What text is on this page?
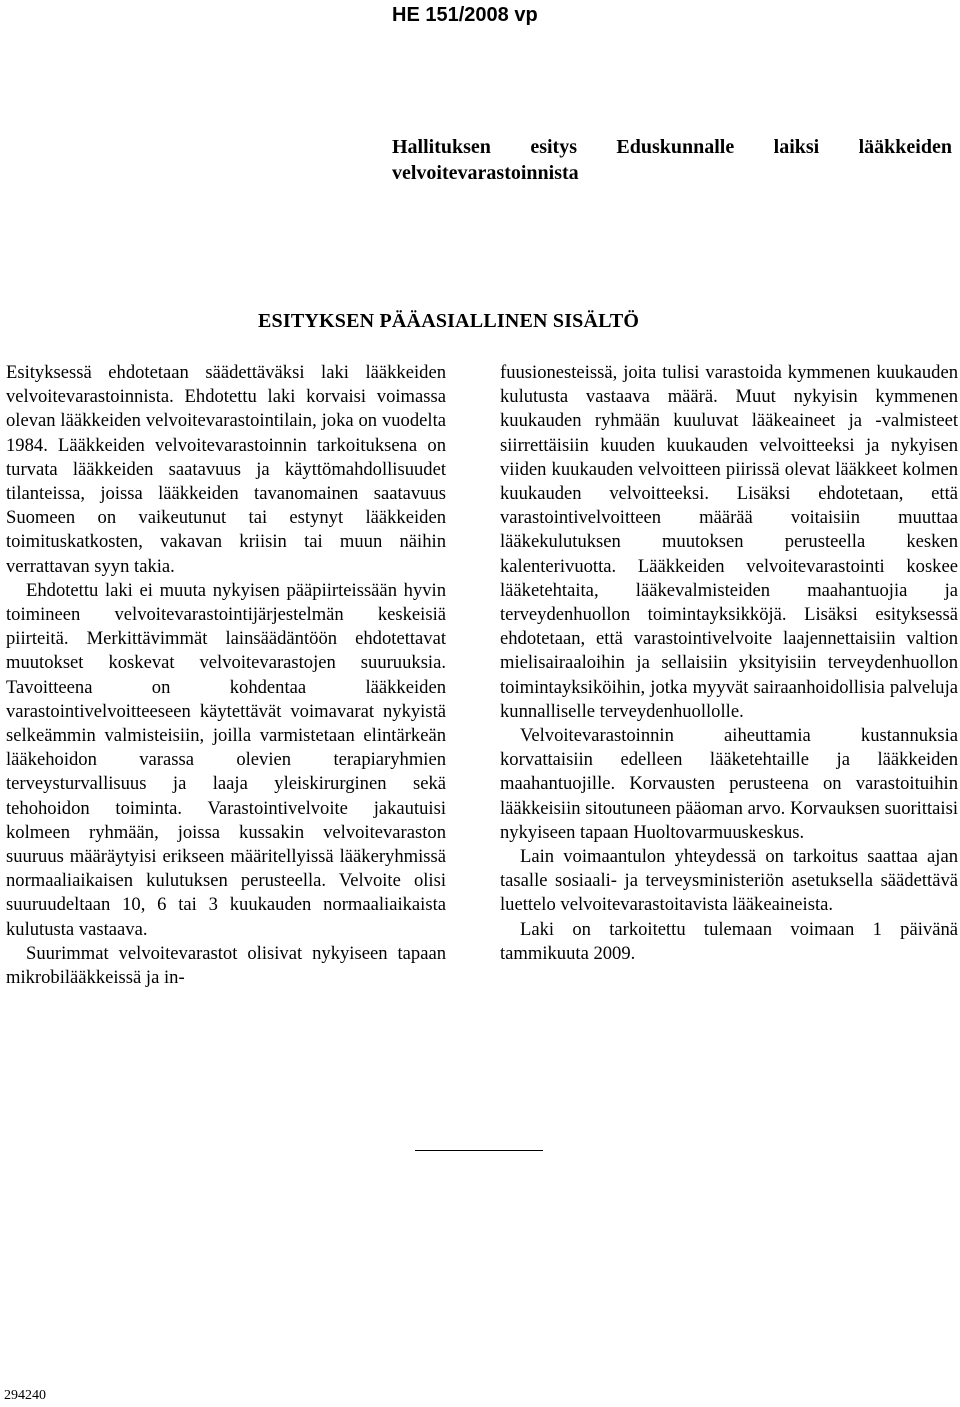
HE 151/2008 vp
Hallituksen esitys Eduskunnalle laiksi lääkkeiden velvoitevarastoinnista
ESITYKSEN PÄÄASIALLINEN SISÄLTÖ

Esityksessä ehdotetaan säädettäväksi laki lääkkeiden velvoitevarastoinnista. Ehdotettu laki korvaisi voimassa olevan lääkkeiden velvoitevarastointilain, joka on vuodelta 1984. Lääkkeiden velvoitevarastoinnin tarkoituksena on turvata lääkkeiden saatavuus ja käyttömahdollisuudet tilanteissa, joissa lääkkeiden tavanomainen saatavuus Suomeen on vaikeutunut tai estynyt lääkkeiden toimituskatkosten, vakavan kriisin tai muun näihin verrattavan syyn takia.

Ehdotettu laki ei muuta nykyisen pääpiirteissään hyvin toimineen velvoitevarastointijärjestelmän keskeisiä piirteitä. Merkittävimmät lainsäädäntöön ehdotettavat muutokset koskevat velvoitevarastojen suuruuksia. Tavoitteena on kohdentaa lääkkeiden varastointivelvoitteeseen käytettävät voimavarat nykyistä selkeämmin valmisteisiin, joilla varmistetaan elintärkeän lääkehoidon varassa olevien terapiaryhmien terveysturvallisuus ja laaja yleiskirurginen sekä tehohoidon toiminta. Varastointivelvoite jakautuisi kolmeen ryhmään, joissa kussakin velvoitevaraston suuruus määräytyisi erikseen määritellyissä lääkeryhmissä normaaliaikaisen kulutuksen perusteella. Velvoite olisi suuruudeltaan 10, 6 tai 3 kuukauden normaaliaikaista kulutusta vastaava.

Suurimmat velvoitevarastot olisivat nykyiseen tapaan mikrobilääkkeissä ja in-

fuusionesteissä, joita tulisi varastoida kymmenen kuukauden kulutusta vastaava määrä. Muut nykyisin kymmenen kuukauden ryhmään kuuluvat lääkeaineet ja -valmisteet siirrettäisiin kuuden kuukauden velvoitteeksi ja nykyisen viiden kuukauden velvoitteen piirissä olevat lääkkeet kolmen kuukauden velvoitteeksi. Lisäksi ehdotetaan, että varastointivelvoitteen määrää voitaisiin muuttaa lääkekulutuksen muutoksen perusteella kesken kalenterivuotta. Lääkkeiden velvoitevarastointi koskee lääketehtaita, lääkevalmisteiden maahantuojia ja terveydenhuollon toimintayksikköjä. Lisäksi esityksessä ehdotetaan, että varastointivelvoite laajennettaisiin valtion mielisairaaloihin ja sellaisiin yksityisiin terveydenhuollon toimintayksiköihin, jotka myyvät sairaanhoidollisia palveluja kunnalliselle terveydenhuollolle.

Velvoitevarastoinnin aiheuttamia kustannuksia korvattaisiin edelleen lääketehtaille ja lääkkeiden maahantuojille. Korvausten perusteena on varastoituihin lääkkeisiin sitoutuneen pääoman arvo. Korvauksen suorittaisi nykyiseen tapaan Huoltovarmuuskeskus.

Lain voimaantulon yhteydessä on tarkoitus saattaa ajan tasalle sosiaali- ja terveysministeriön asetuksella säädettävä luettelo velvoitevarastoitavista lääkeaineista.

Laki on tarkoitettu tulemaan voimaan 1 päivänä tammikuuta 2009.

294240
